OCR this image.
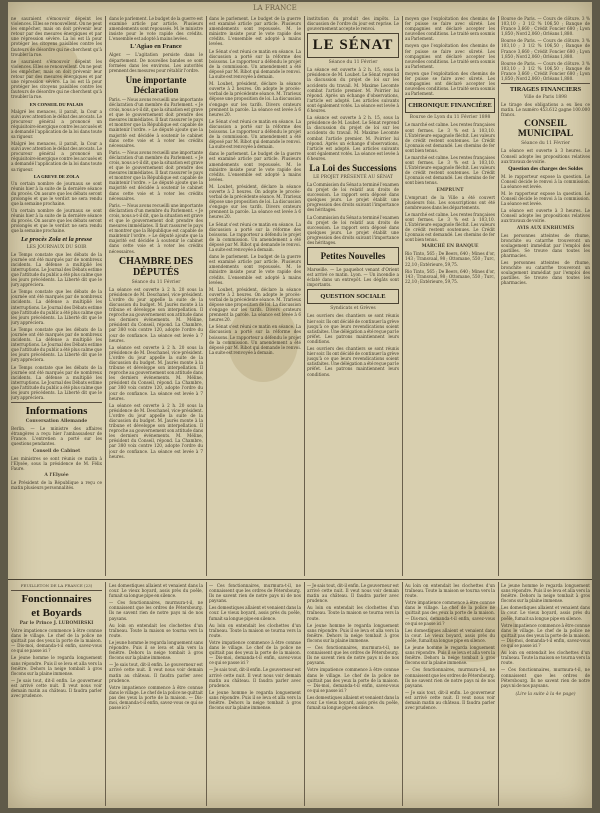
LA FRANCE

ne sauraient s'émouvoir dépeint les violences. Elles se renouvellent. On ne peut les empêcher, mais on doit prévenir leur retour par des mesures énergiques et par une répression sévère. La loi est là pour protéger les citoyens paisibles contre les fauteurs de désordre qui ne cherchent qu'à troubler la rue.

ne sauraient s'émouvoir dépeint les violences. Elles se renouvellent. On ne peut les empêcher, mais on doit prévenir leur retour par des mesures énergiques et par une répression sévère. La loi est là pour protéger les citoyens paisibles contre les fauteurs de désordre qui ne cherchent qu'à troubler la rue.

EN CONSEIL DU PALAIS

Malgré les menaces, il parait, la Cour a suivi avec attention le débat des avocats. Le procureur général a prononcé un réquisitoire énergique contre les accusés et a demandé l'application de la loi dans toute sa rigueur.

Malgré les menaces, il parait, la Cour a suivi avec attention le débat des avocats. Le procureur général a prononcé un réquisitoire énergique contre les accusés et a demandé l'application de la loi dans toute sa rigueur.

LA GREVE DE ZOLA

Un certain nombre de journaux se sont réunis hier à la suite de la dernière séance du procès. On assure que les débats seront prolongés et que le verdict ne sera rendu que la semaine prochaine.

Un certain nombre de journaux se sont réunis hier à la suite de la dernière séance du procès. On assure que les débats seront prolongés et que le verdict ne sera rendu que la semaine prochaine.

Le procès Zola et la presse
LES JOURNAUX DU SOIR

Le Temps constate que les débats de la journée ont été marqués par de nombreux incidents. La défense a multiplié les interruptions. Le Journal des Débats estime que l'attitude du public a été plus calme que les jours précédents. La Liberté dit que le jury appréciera.

Le Temps constate que les débats de la journée ont été marqués par de nombreux incidents. La défense a multiplié les interruptions. Le Journal des Débats estime que l'attitude du public a été plus calme que les jours précédents. La Liberté dit que le jury appréciera.

Le Temps constate que les débats de la journée ont été marqués par de nombreux incidents. La défense a multiplié les interruptions. Le Journal des Débats estime que l'attitude du public a été plus calme que les jours précédents. La Liberté dit que le jury appréciera.

Le Temps constate que les débats de la journée ont été marqués par de nombreux incidents. La défense a multiplié les interruptions. Le Journal des Débats estime que l'attitude du public a été plus calme que les jours précédents. La Liberté dit que le jury appréciera.

Informations
Conversation Allemande

Berlin. — Le ministre des affaires étrangères a reçu hier l'ambassadeur de France. L'entretien a porté sur les questions pendantes.

Conseil de Cabinet

Les ministres se sont réunis ce matin à l'Elysée, sous la présidence de M. Félix Faure.

A l'Elysée

Le Président de la République a reçu ce matin plusieurs personnalités.

dans le parlement. Le budget de la guerre est examiné article par article. Plusieurs amendements sont repoussés. M. le ministre insiste pour le vote rapide des crédits. L'ensemble est adopté à mains levées.

L'Agiao en France

Alger. — L'agitation persiste dans le département. De nouvelles bandes se sont formées dans les environs. Les autorités prennent des mesures pour rétablir l'ordre.

Une importante Déclaration

Paris. — Nous avons recueilli une importante déclaration d'un membre du Parlement. « Je crois, nous a-t-il dit, que la situation est grave et que le gouvernement doit prendre des mesures immédiates. Il faut rassurer le pays et montrer que la République est capable de maintenir l'ordre. » Le député ajoute que la majorité est décidée à soutenir le cabinet dans cette voie et à voter les crédits nécessaires.

Paris. — Nous avons recueilli une importante déclaration d'un membre du Parlement. « Je crois, nous a-t-il dit, que la situation est grave et que le gouvernement doit prendre des mesures immédiates. Il faut rassurer le pays et montrer que la République est capable de maintenir l'ordre. » Le député ajoute que la majorité est décidée à soutenir le cabinet dans cette voie et à voter les crédits nécessaires.

Paris. — Nous avons recueilli une importante déclaration d'un membre du Parlement. « Je crois, nous a-t-il dit, que la situation est grave et que le gouvernement doit prendre des mesures immédiates. Il faut rassurer le pays et montrer que la République est capable de maintenir l'ordre. » Le député ajoute que la majorité est décidée à soutenir le cabinet dans cette voie et à voter les crédits nécessaires.

CHAMBRE DES DÉPUTÉS
Séance du 11 Février

La séance est ouverte à 2 h. 20 sous la présidence de M. Deschanel, vice-président. L'ordre du jour appelle la suite de la discussion du budget. M. Jaurès monte à la tribune et développe son interpellation. Il reproche au gouvernement son attitude dans les derniers événements. M. Méline, président du Conseil, répond. La Chambre, par 380 voix contre 120, adopte l'ordre du jour de confiance. La séance est levée à 7 heures.

La séance est ouverte à 2 h. 20 sous la présidence de M. Deschanel, vice-président. L'ordre du jour appelle la suite de la discussion du budget. M. Jaurès monte à la tribune et développe son interpellation. Il reproche au gouvernement son attitude dans les derniers événements. M. Méline, président du Conseil, répond. La Chambre, par 380 voix contre 120, adopte l'ordre du jour de confiance. La séance est levée à 7 heures.

La séance est ouverte à 2 h. 20 sous la présidence de M. Deschanel, vice-président. L'ordre du jour appelle la suite de la discussion du budget. M. Jaurès monte à la tribune et développe son interpellation. Il reproche au gouvernement son attitude dans les derniers événements. M. Méline, président du Conseil, répond. La Chambre, par 380 voix contre 120, adopte l'ordre du jour de confiance. La séance est levée à 7 heures.

dans le parlement. Le budget de la guerre est examiné article par article. Plusieurs amendements sont repoussés. M. le ministre insiste pour le vote rapide des crédits. L'ensemble est adopté à mains levées.

Le Sénat s'est réuni ce matin en séance. La discussion a porté sur la réforme des boissons. Le rapporteur a défendu le projet de la commission. Un amendement a été déposé par M. Ribot qui demande le renvoi. La suite est renvoyée à demain.

M. Loubet, président, déclare la séance ouverte à 2 heures. On adopte le procès-verbal de la précédente séance. M. Trarieux dépose une proposition de loi. La discussion s'engage sur les tarifs. Divers orateurs prennent la parole. La séance est levée à 6 heures 20.

Le Sénat s'est réuni ce matin en séance. La discussion a porté sur la réforme des boissons. Le rapporteur a défendu le projet de la commission. Un amendement a été déposé par M. Ribot qui demande le renvoi. La suite est renvoyée à demain.

dans le parlement. Le budget de la guerre est examiné article par article. Plusieurs amendements sont repoussés. M. le ministre insiste pour le vote rapide des crédits. L'ensemble est adopté à mains levées.

M. Loubet, président, déclare la séance ouverte à 2 heures. On adopte le procès-verbal de la précédente séance. M. Trarieux dépose une proposition de loi. La discussion s'engage sur les tarifs. Divers orateurs prennent la parole. La séance est levée à 6 heures 20.

Le Sénat s'est réuni ce matin en séance. La discussion a porté sur la réforme des boissons. Le rapporteur a défendu le projet de la commission. Un amendement a été déposé par M. Ribot qui demande le renvoi. La suite est renvoyée à demain.

dans le parlement. Le budget de la guerre est examiné article par article. Plusieurs amendements sont repoussés. M. le ministre insiste pour le vote rapide des crédits. L'ensemble est adopté à mains levées.

M. Loubet, président, déclare la séance ouverte à 2 heures. On adopte le procès-verbal de la précédente séance. M. Trarieux dépose une proposition de loi. La discussion s'engage sur les tarifs. Divers orateurs prennent la parole. La séance est levée à 6 heures 20.

Le Sénat s'est réuni ce matin en séance. La discussion a porté sur la réforme des boissons. Le rapporteur a défendu le projet de la commission. Un amendement a été déposé par M. Ribot qui demande le renvoi. La suite est renvoyée à demain.

institution du produit des impôts. La discussion de l'ordre du jour est reprise. Le gouvernement accepte le renvoi.

LE SÉNAT
Séance du 11 Février

La séance est ouverte à 2 h. 15, sous la présidence de M. Loubet. Le Sénat reprend la discussion du projet de loi sur les accidents du travail. M. Maxime Lecomte combat l'article premier. M. Poirrier lui répond. Après un échange d'observations, l'article est adopté. Les articles suivants sont également votés. La séance est levée à 6 heures.

La séance est ouverte à 2 h. 15, sous la présidence de M. Loubet. Le Sénat reprend la discussion du projet de loi sur les accidents du travail. M. Maxime Lecomte combat l'article premier. M. Poirrier lui répond. Après un échange d'observations, l'article est adopté. Les articles suivants sont également votés. La séance est levée à 6 heures.

La Loi des Successions
LE PROJET PRÉSENTÉ AU SÉNAT

La Commission du Sénat a terminé l'examen du projet de loi relatif aux droits de succession. Le rapport sera déposé dans quelques jours. Le projet établit une progression des droits suivant l'importance des héritages.

La Commission du Sénat a terminé l'examen du projet de loi relatif aux droits de succession. Le rapport sera déposé dans quelques jours. Le projet établit une progression des droits suivant l'importance des héritages.

Petites Nouvelles

Marseille. — Le paquebot venant d'Orient est arrivé ce matin. Lyon. — Un incendie a éclaté dans un entrepôt. Les dégâts sont importants.

QUESTION SOCIALE
Syndicats et Grèves

Les ouvriers des chantiers se sont réunis hier soir. Ils ont décidé de continuer la grève jusqu'à ce que leurs revendications soient satisfaites. Une délégation a été reçue par le préfet. Les patrons maintiennent leurs conditions.

Les ouvriers des chantiers se sont réunis hier soir. Ils ont décidé de continuer la grève jusqu'à ce que leurs revendications soient satisfaites. Une délégation a été reçue par le préfet. Les patrons maintiennent leurs conditions.

moyen que l'exploitation des chemins de fer puisse se faire avec sûreté. Les compagnies ont déclaré accepter les nouvelles conditions. Le traité sera soumis au Parlement.

moyen que l'exploitation des chemins de fer puisse se faire avec sûreté. Les compagnies ont déclaré accepter les nouvelles conditions. Le traité sera soumis au Parlement.

moyen que l'exploitation des chemins de fer puisse se faire avec sûreté. Les compagnies ont déclaré accepter les nouvelles conditions. Le traité sera soumis au Parlement.

CHRONIQUE FINANCIÈRE
Bourse de Lyon du 11 Février 1898

Le marché est calme. Les rentes françaises sont fermes. Le 3 % est à 103,10. L'Extérieure espagnole fléchit. Les valeurs de crédit restent soutenues. Le Crédit Lyonnais est demandé. Les chemins de fer sont bien tenus.

Le marché est calme. Les rentes françaises sont fermes. Le 3 % est à 103,10. L'Extérieure espagnole fléchit. Les valeurs de crédit restent soutenues. Le Crédit Lyonnais est demandé. Les chemins de fer sont bien tenus.

EMPRUNT

L'emprunt de la Ville a été couvert plusieurs fois. Les souscriptions ont été nombreuses dans les départements.

Le marché est calme. Les rentes françaises sont fermes. Le 3 % est à 103,10. L'Extérieure espagnole fléchit. Les valeurs de crédit restent soutenues. Le Crédit Lyonnais est demandé. Les chemins de fer sont bien tenus.

MARCHÉ EN BANQUE

Rio Tinto, 565 ; De Beers, 640 ; Mines d'or, 143 ; Transvaal, 98 ; Ottomane, 550 ; Turc, 22,10 ; Extérieure, 59,75.

Rio Tinto, 565 ; De Beers, 640 ; Mines d'or, 143 ; Transvaal, 98 ; Ottomane, 550 ; Turc, 22,10 ; Extérieure, 59,75.

Bourse de Paris. — Cours de clôture. 3 % 103,10 ; 3 1/2 % 106,50 ; Banque de France 3,660 ; Crédit Foncier 680 ; Lyon 1,850 ; Nord 2,060 ; Orléans 1,880.

Bourse de Paris. — Cours de clôture. 3 % 103,10 ; 3 1/2 % 106,50 ; Banque de France 3,660 ; Crédit Foncier 680 ; Lyon 1,850 ; Nord 2,060 ; Orléans 1,880.

Bourse de Paris. — Cours de clôture. 3 % 103,10 ; 3 1/2 % 106,50 ; Banque de France 3,660 ; Crédit Foncier 680 ; Lyon 1,850 ; Nord 2,060 ; Orléans 1,880.

TIRAGES FINANCIERS
Ville de Paris 1898

Le tirage des obligations a eu lieu ce matin. Le numéro 453.612 gagne 100.000 francs.

CONSEIL MUNICIPAL
Séance du 11 Février

La séance est ouverte à 3 heures. Le Conseil adopte les propositions relatives aux travaux de voirie.

Question des charges des Soldes

M. le rapporteur expose la question. Le Conseil décide le renvoi à la commission. La séance est levée.

M. le rapporteur expose la question. Le Conseil décide le renvoi à la commission. La séance est levée.

La séance est ouverte à 3 heures. Le Conseil adopte les propositions relatives aux travaux de voirie.

AVIS AUX ENRHUMÉS

Les personnes atteintes de rhume, bronchite ou catarrhe trouveront un soulagement immédiat par l'emploi des pastilles. Se trouve dans toutes les pharmacies.

Les personnes atteintes de rhume, bronchite ou catarrhe trouveront un soulagement immédiat par l'emploi des pastilles. Se trouve dans toutes les pharmacies.

FEUILLETON DE LA FRANCE (23)
Fonctionnaires
et Boyards
Par le Prince J. LUBOMIRSKI

Votre impatience commence à être connue dans le village. Le chef de la police ne quittait pas des yeux la porte de la maison. — Dis-moi, demanda-t-il enfin, savez-vous ce qui se passe ici ?

Le jeune homme le regarda longuement sans répondre. Puis il se leva et alla vers la fenêtre. Dehors la neige tombait à gros flocons sur la plaine immense.

— Je sais tout, dit-il enfin. Le gouverneur est arrivé cette nuit. Il veut nous voir demain matin au château. Il faudra parler avec prudence.

Les domestiques allaient et venaient dans la cour. Le vieux boyard, assis près du poêle, fumait sa longue pipe en silence.

— Ces fonctionnaires, murmura-t-il, ne connaissent que les ordres de Pétersbourg. Ils ne savent rien de notre pays ni de nos paysans.

Au loin on entendait les clochettes d'un traîneau. Toute la maison se tourna vers la route.

Le jeune homme le regarda longuement sans répondre. Puis il se leva et alla vers la fenêtre. Dehors la neige tombait à gros flocons sur la plaine immense.

— Je sais tout, dit-il enfin. Le gouverneur est arrivé cette nuit. Il veut nous voir demain matin au château. Il faudra parler avec prudence.

Votre impatience commence à être connue dans le village. Le chef de la police ne quittait pas des yeux la porte de la maison. — Dis-moi, demanda-t-il enfin, savez-vous ce qui se passe ici ?

— Ces fonctionnaires, murmura-t-il, ne connaissent que les ordres de Pétersbourg. Ils ne savent rien de notre pays ni de nos paysans.

Les domestiques allaient et venaient dans la cour. Le vieux boyard, assis près du poêle, fumait sa longue pipe en silence.

Au loin on entendait les clochettes d'un traîneau. Toute la maison se tourna vers la route.

Votre impatience commence à être connue dans le village. Le chef de la police ne quittait pas des yeux la porte de la maison. — Dis-moi, demanda-t-il enfin, savez-vous ce qui se passe ici ?

— Je sais tout, dit-il enfin. Le gouverneur est arrivé cette nuit. Il veut nous voir demain matin au château. Il faudra parler avec prudence.

Le jeune homme le regarda longuement sans répondre. Puis il se leva et alla vers la fenêtre. Dehors la neige tombait à gros flocons sur la plaine immense.

— Je sais tout, dit-il enfin. Le gouverneur est arrivé cette nuit. Il veut nous voir demain matin au château. Il faudra parler avec prudence.

Au loin on entendait les clochettes d'un traîneau. Toute la maison se tourna vers la route.

Le jeune homme le regarda longuement sans répondre. Puis il se leva et alla vers la fenêtre. Dehors la neige tombait à gros flocons sur la plaine immense.

— Ces fonctionnaires, murmura-t-il, ne connaissent que les ordres de Pétersbourg. Ils ne savent rien de notre pays ni de nos paysans.

Votre impatience commence à être connue dans le village. Le chef de la police ne quittait pas des yeux la porte de la maison. — Dis-moi, demanda-t-il enfin, savez-vous ce qui se passe ici ?

Les domestiques allaient et venaient dans la cour. Le vieux boyard, assis près du poêle, fumait sa longue pipe en silence.

Au loin on entendait les clochettes d'un traîneau. Toute la maison se tourna vers la route.

Votre impatience commence à être connue dans le village. Le chef de la police ne quittait pas des yeux la porte de la maison. — Dis-moi, demanda-t-il enfin, savez-vous ce qui se passe ici ?

Les domestiques allaient et venaient dans la cour. Le vieux boyard, assis près du poêle, fumait sa longue pipe en silence.

Le jeune homme le regarda longuement sans répondre. Puis il se leva et alla vers la fenêtre. Dehors la neige tombait à gros flocons sur la plaine immense.

— Ces fonctionnaires, murmura-t-il, ne connaissent que les ordres de Pétersbourg. Ils ne savent rien de notre pays ni de nos paysans.

— Je sais tout, dit-il enfin. Le gouverneur est arrivé cette nuit. Il veut nous voir demain matin au château. Il faudra parler avec prudence.

Le jeune homme le regarda longuement sans répondre. Puis il se leva et alla vers la fenêtre. Dehors la neige tombait à gros flocons sur la plaine immense.

Les domestiques allaient et venaient dans la cour. Le vieux boyard, assis près du poêle, fumait sa longue pipe en silence.

Votre impatience commence à être connue dans le village. Le chef de la police ne quittait pas des yeux la porte de la maison. — Dis-moi, demanda-t-il enfin, savez-vous ce qui se passe ici ?

Au loin on entendait les clochettes d'un traîneau. Toute la maison se tourna vers la route.

— Ces fonctionnaires, murmura-t-il, ne connaissent que les ordres de Pétersbourg. Ils ne savent rien de notre pays ni de nos paysans.

(Lire la suite à la 4e page)
